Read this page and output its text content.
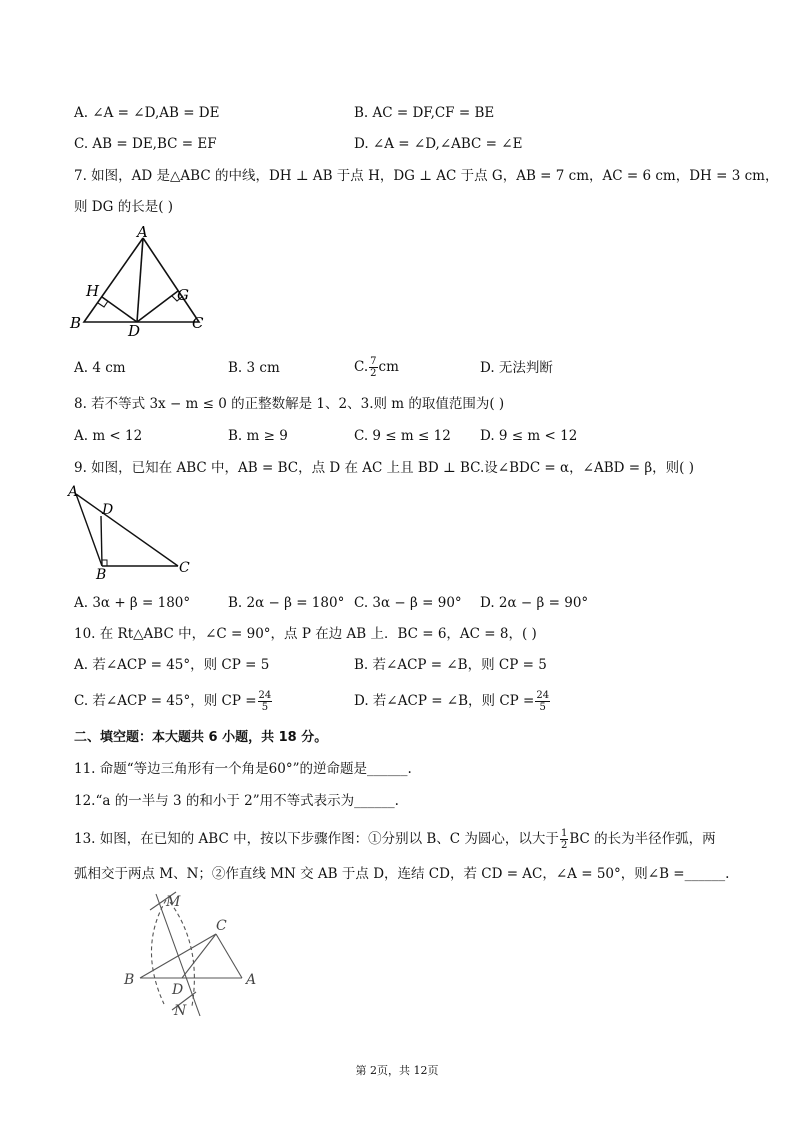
A. ∠A = ∠D,AB = DE	B. AC = DF,CF = BE
C. AB = DE,BC = EF	D. ∠A = ∠D,∠ABC = ∠E
7. 如图，AD 是△ABC 的中线，DH ⊥ AB 于点 H，DG ⊥ AC 于点 G，AB = 7 cm，AC = 6 cm，DH = 3 cm，
则 DG 的长是( )
A
H	G
B	D	C
A. 4 cm	B. 3 cm	C. $\frac{7}{2}$ cm	D. 无法判断
8. 若不等式 3x − m ≤ 0 的正整数解是 1、2、3.则 m 的取值范围为( )
A. m < 12	B. m ≥ 9	C. 9 ≤ m ≤ 12 D. 9 ≤ m < 12
9. 如图，已知在 ABC 中，AB = BC，点 D 在 AC 上且 BD ⊥ BC.设∠BDC = α，∠ABD = β，则( )
A
D
B	C
A. 3α + β = 180°	B. 2α − β = 180° C. 3α − β = 90° D. 2α − β = 90°
10. 在 Rt△ABC 中，∠C = 90°，点 P 在边 AB 上．BC = 6，AC = 8，( )
A. 若∠ACP = 45°，则 CP = 5	B. 若∠ACP = ∠B，则 CP = 5
C. 若∠ACP = 45°，则 CP = $\frac{24}{5}$	D. 若∠ACP = ∠B，则 CP = $\frac{24}{5}$
二、填空题：本大题共 6 小题，共 18 分。
11. 命题“等边三角形有一个角是60°”的逆命题是______.
12.“a 的一半与 3 的和小于 2”用不等式表示为______.
13. 如图，在已知的 ABC 中，按以下步骤作图：①分别以 B、C 为圆心，以大于 $\frac{1}{2}$ BC 的长为半径作弧，两
弧相交于两点 M、N；②作直线 MN 交 AB 于点 D，连结 CD，若 CD = AC，∠A = 50°，则∠B =______.
M
C
B	A
D
N
第 2页，共 12页
